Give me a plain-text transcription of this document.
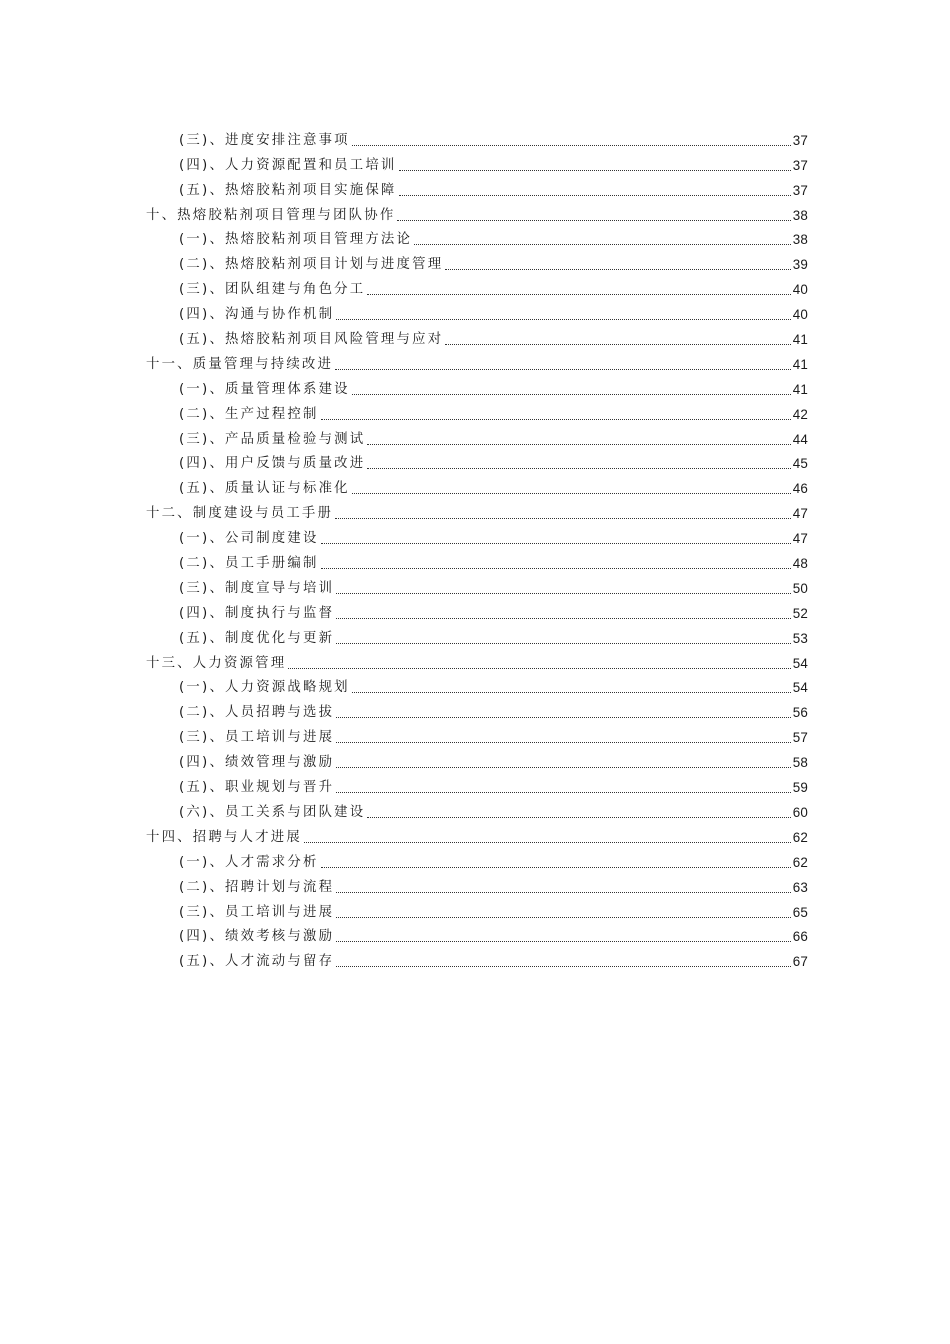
(三)、进度安排注意事项	37
(四)、人力资源配置和员工培训	37
(五)、热熔胶粘剂项目实施保障	37
十、热熔胶粘剂项目管理与团队协作	38
(一)、热熔胶粘剂项目管理方法论	38
(二)、热熔胶粘剂项目计划与进度管理	39
(三)、团队组建与角色分工	40
(四)、沟通与协作机制	40
(五)、热熔胶粘剂项目风险管理与应对	41
十一、质量管理与持续改进	41
(一)、质量管理体系建设	41
(二)、生产过程控制	42
(三)、产品质量检验与测试	44
(四)、用户反馈与质量改进	45
(五)、质量认证与标准化	46
十二、制度建设与员工手册	47
(一)、公司制度建设	47
(二)、员工手册编制	48
(三)、制度宣导与培训	50
(四)、制度执行与监督	52
(五)、制度优化与更新	53
十三、人力资源管理	54
(一)、人力资源战略规划	54
(二)、人员招聘与选拔	56
(三)、员工培训与进展	57
(四)、绩效管理与激励	58
(五)、职业规划与晋升	59
(六)、员工关系与团队建设	60
十四、招聘与人才进展	62
(一)、人才需求分析	62
(二)、招聘计划与流程	63
(三)、员工培训与进展	65
(四)、绩效考核与激励	66
(五)、人才流动与留存	67
